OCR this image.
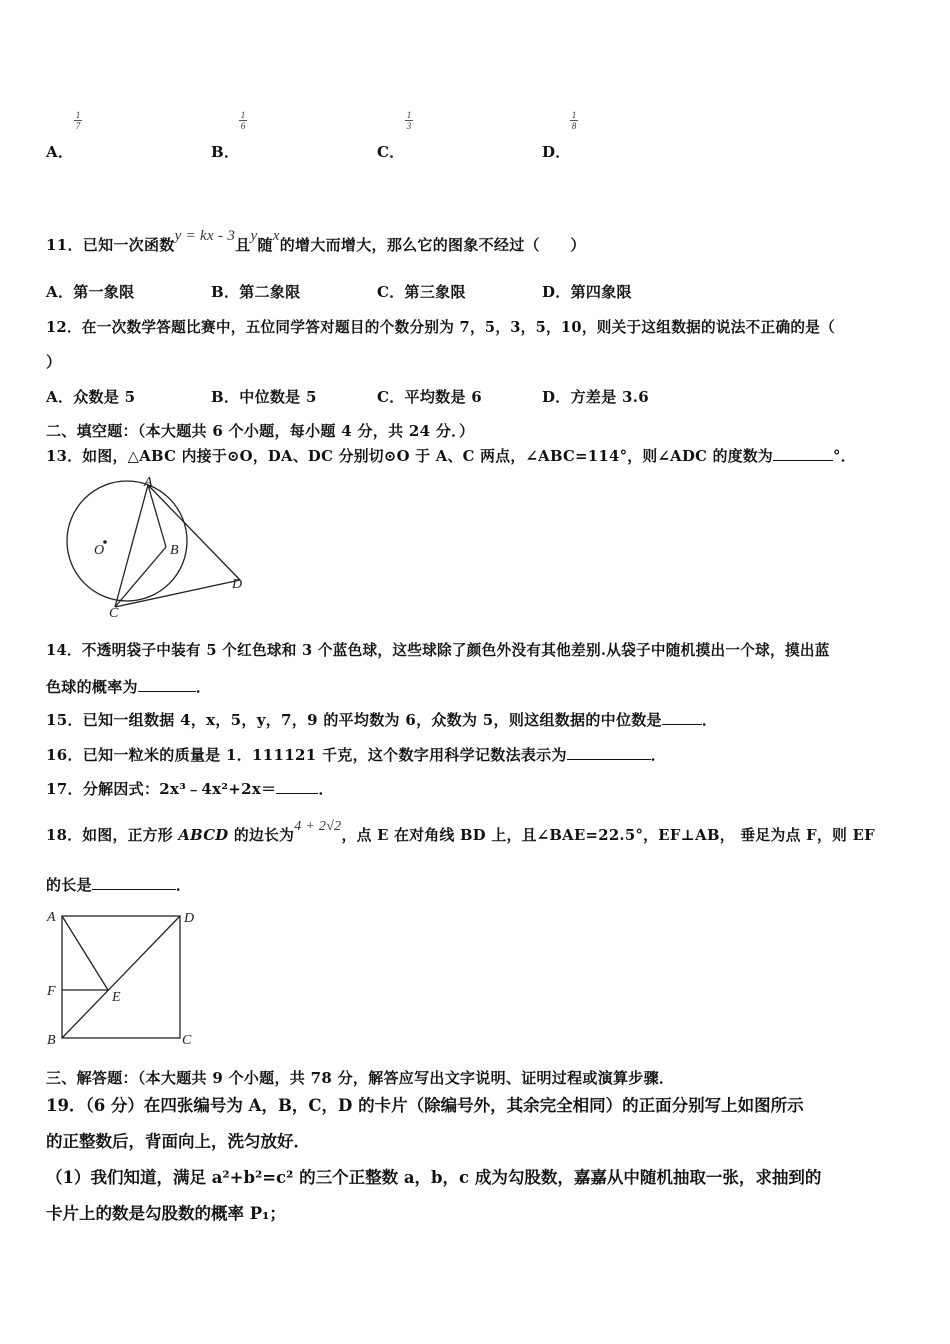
A．
1
7
B．
1
6
C．
1
3
D．
1
8
11．已知一次函数y = kx - 3且y随x的增大而增大，那么它的图象不经过（　　）
A．第一象限	B．第二象限	C．第三象限	D．第四象限
12．在一次数学答题比赛中，五位同学答对题目的个数分别为 7，5，3，5，10，则关于这组数据的说法不正确的是（
）
A．众数是 5	B．中位数是 5	C．平均数是 6	D．方差是 3.6
二、填空题：（本大题共 6 个小题，每小题 4 分，共 24 分．）
13．如图，△ABC 内接于⊙O，DA、DC 分别切⊙O 于 A、C 两点，∠ABC=114°，则∠ADC 的度数为	°．
A
B
C
D
O
14．不透明袋子中装有 5 个红色球和 3 个蓝色球，这些球除了颜色外没有其他差别.从袋子中随机摸出一个球，摸出蓝
色球的概率为	．
15．已知一组数据 4，x，5，y，7，9 的平均数为 6，众数为 5，则这组数据的中位数是	．
16．已知一粒米的质量是 1．111121 千克，这个数字用科学记数法表示为	．
17．分解因式：2x³﹣4x²+2x＝	．
18．如图，正方形 ABCD 的边长为4 + 2√2，点 E 在对角线 BD 上，且∠BAE=22.5°，EF⊥AB， 垂足为点 F，则 EF
的长是	．
A	D
F	E
B	C
三、解答题：（本大题共 9 个小题，共 78 分，解答应写出文字说明、证明过程或演算步骤．
19．（6 分）在四张编号为 A，B，C，D 的卡片（除编号外，其余完全相同）的正面分别写上如图所示
的正整数后，背面向上，洗匀放好．
（1）我们知道，满足 a²+b²=c² 的三个正整数 a，b，c 成为勾股数，嘉嘉从中随机抽取一张，求抽到的
卡片上的数是勾股数的概率 P₁；
